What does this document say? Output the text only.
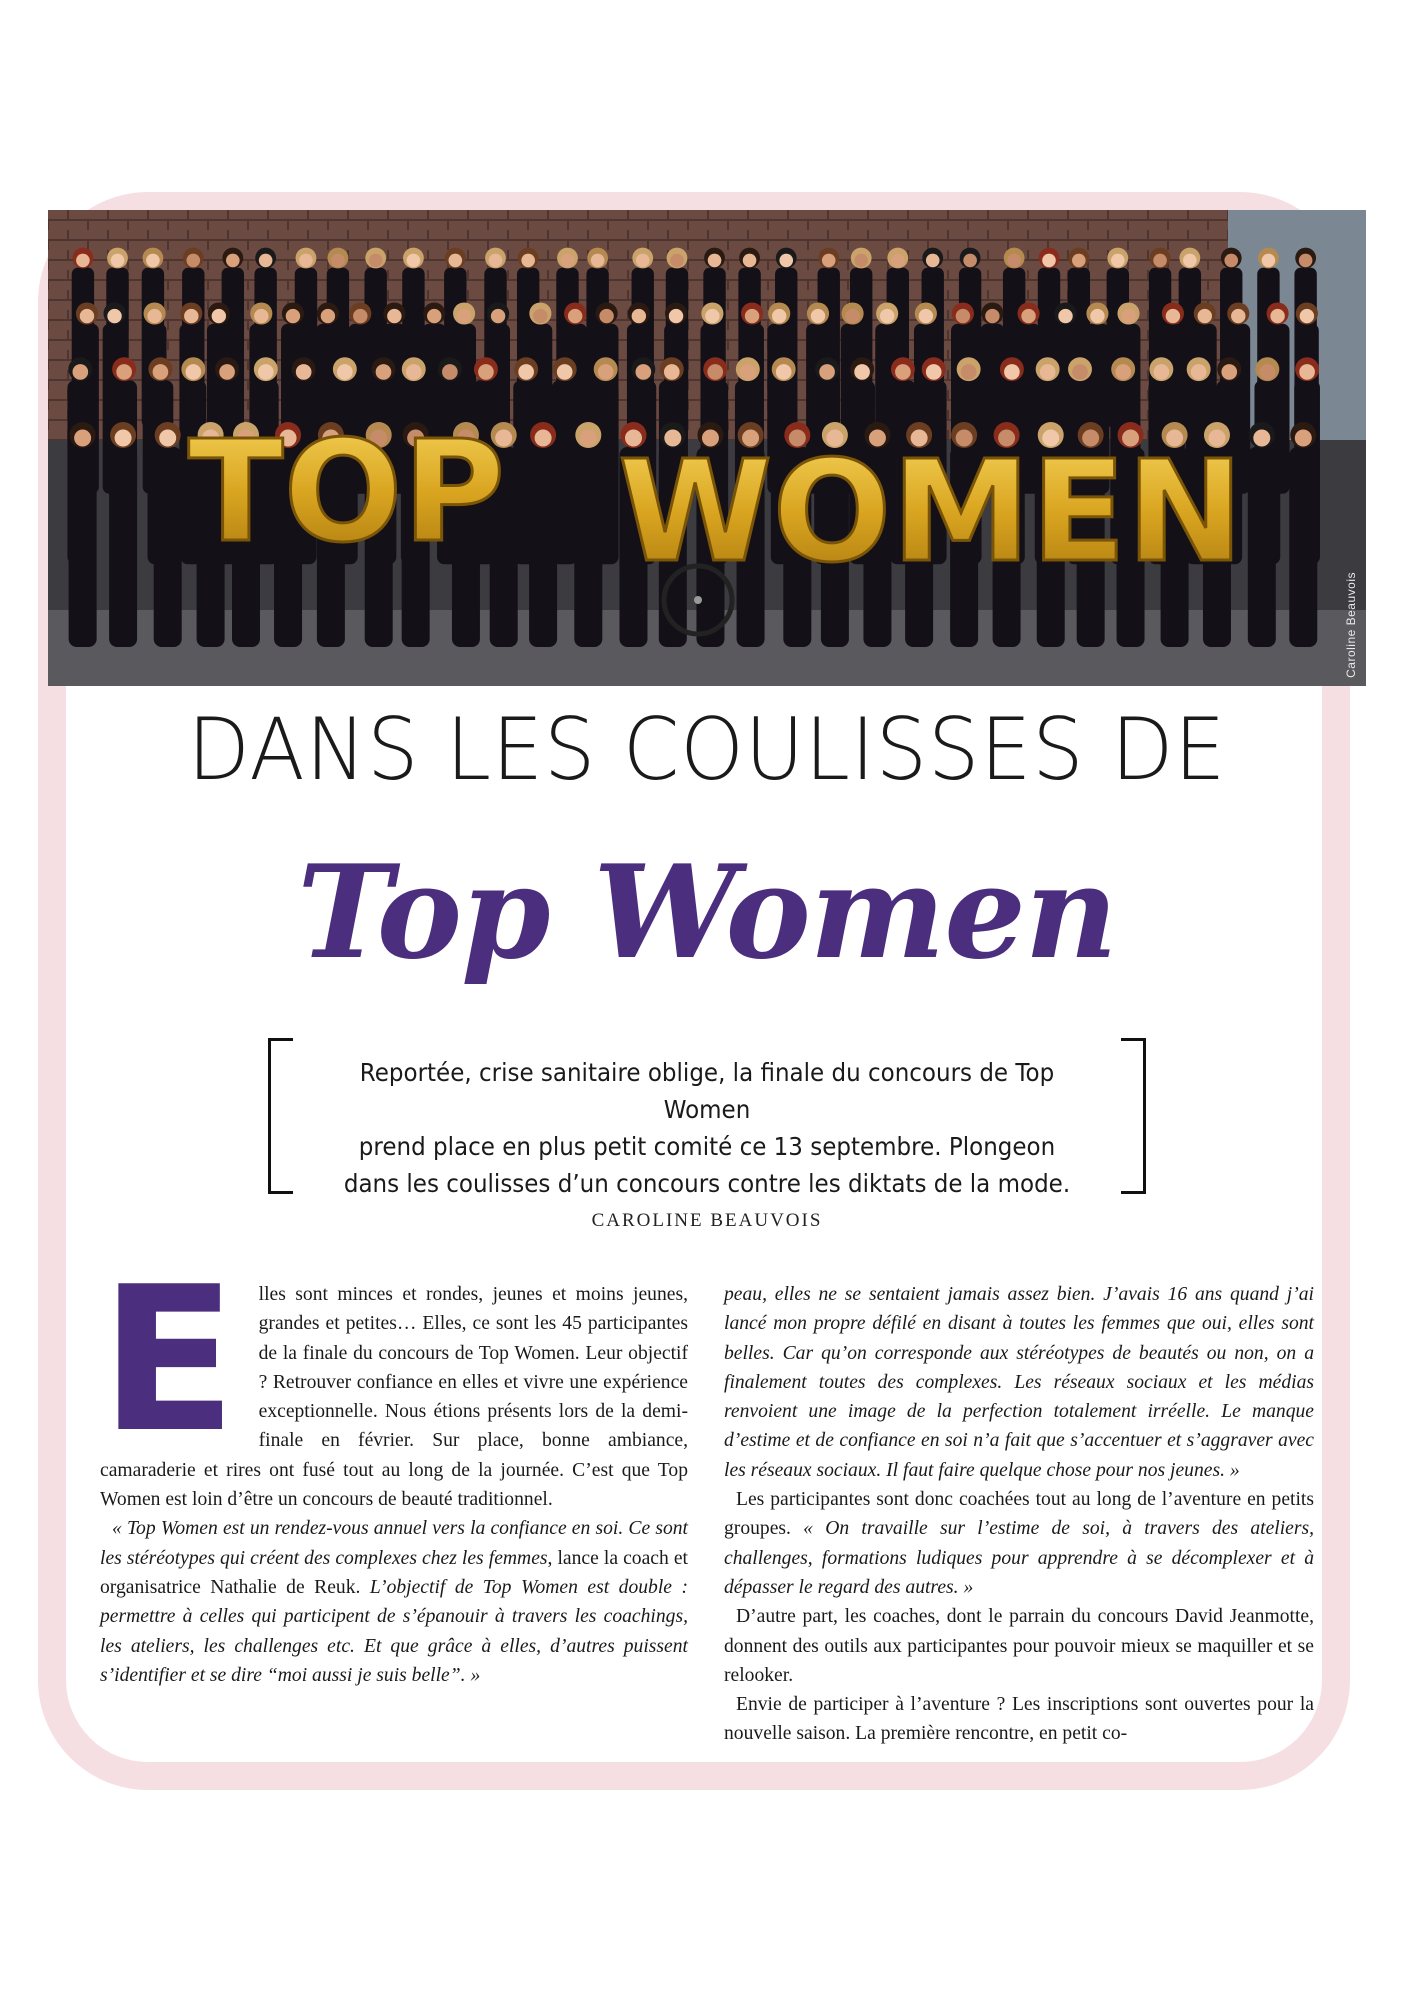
TOP WOMEN
Caroline Beauvois
DANS LES COULISSES DE
Top Women
Reportée, crise sanitaire oblige, la finale du concours de Top Women
prend place en plus petit comité ce 13 septembre. Plongeon
dans les coulisses d’un concours contre les diktats de la mode.
CAROLINE BEAUVOIS

E lles sont minces et rondes, jeunes et moins jeunes, grandes et petites… Elles, ce sont les 45 participantes de la finale du concours de Top Women. Leur objectif ? Retrouver confiance en elles et vivre une expérience exceptionnelle. Nous étions présents lors de la demi-finale en février. Sur place, bonne ambiance, camaraderie et rires ont fusé tout au long de la journée. C’est que Top Women est loin d’être un concours de beauté traditionnel.

« Top Women est un rendez-vous annuel vers la confiance en soi. Ce sont les stéréotypes qui créent des complexes chez les femmes, lance la coach et organisatrice Nathalie de Reuk. L’objectif de Top Women est double : permettre à celles qui participent de s’épanouir à travers les coachings, les ateliers, les challenges etc. Et que grâce à elles, d’autres puissent s’identifier et se dire “moi aussi je suis belle”. »

peau, elles ne se sentaient jamais assez bien. J’avais 16 ans quand j’ai lancé mon propre défilé en disant à toutes les femmes que oui, elles sont belles. Car qu’on corresponde aux stéréotypes de beautés ou non, on a finalement toutes des complexes. Les réseaux sociaux et les médias renvoient une image de la perfection totalement irréelle. Le manque d’estime et de confiance en soi n’a fait que s’accentuer et s’aggraver avec les réseaux sociaux. Il faut faire quelque chose pour nos jeunes. »

Les participantes sont donc coachées tout au long de l’aventure en petits groupes. « On travaille sur l’estime de soi, à travers des ateliers, challenges, formations ludiques pour apprendre à se décomplexer et à dépasser le regard des autres. »

D’autre part, les coaches, dont le parrain du concours David Jeanmotte, donnent des outils aux participantes pour pouvoir mieux se maquiller et se relooker.

Envie de participer à l’aventure ? Les inscriptions sont ouvertes pour la nouvelle saison. La première rencontre, en petit co-
